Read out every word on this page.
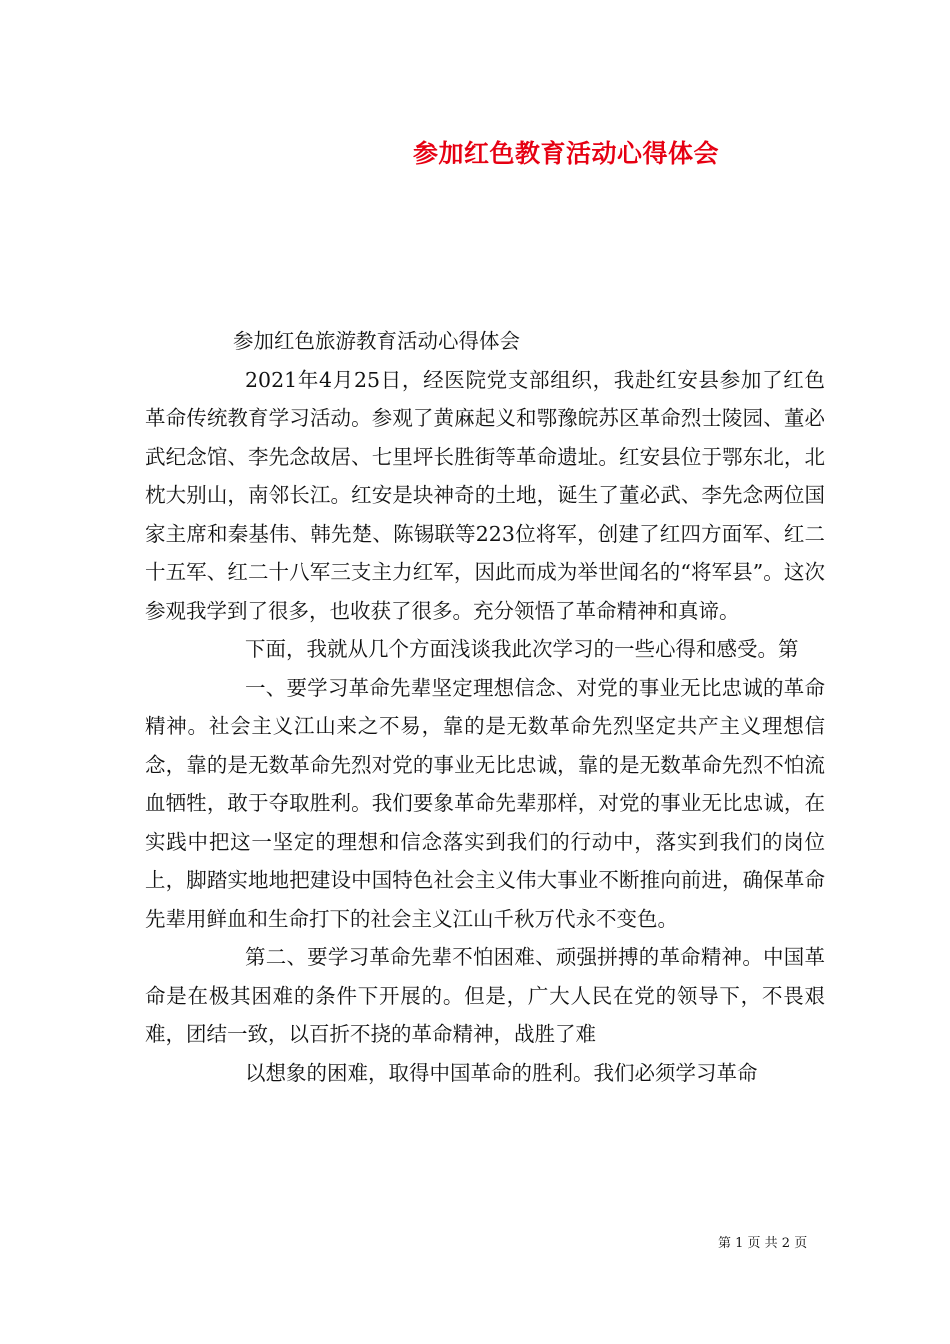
参加红色教育活动心得体会

参加红色旅游教育活动心得体会

2021年4月25日，经医院党支部组织，我赴红安县参加了红色革命传统教育学习活动。参观了黄麻起义和鄂豫皖苏区革命烈士陵园、董必武纪念馆、李先念故居、七里坪长胜街等革命遗址。红安县位于鄂东北，北枕大别山，南邻长江。红安是块神奇的土地，诞生了董必武、李先念两位国家主席和秦基伟、韩先楚、陈锡联等223位将军，创建了红四方面军、红二十五军、红二十八军三支主力红军，因此而成为举世闻名的“将军县”。这次参观我学到了很多，也收获了很多。充分领悟了革命精神和真谛。

下面，我就从几个方面浅谈我此次学习的一些心得和感受。第

一、要学习革命先辈坚定理想信念、对党的事业无比忠诚的革命精神。社会主义江山来之不易，靠的是无数革命先烈坚定共产主义理想信念，靠的是无数革命先烈对党的事业无比忠诚，靠的是无数革命先烈不怕流血牺牲，敢于夺取胜利。我们要象革命先辈那样，对党的事业无比忠诚，在实践中把这一坚定的理想和信念落实到我们的行动中，落实到我们的岗位上，脚踏实地地把建设中国特色社会主义伟大事业不断推向前进，确保革命先辈用鲜血和生命打下的社会主义江山千秋万代永不变色。

第二、要学习革命先辈不怕困难、顽强拼搏的革命精神。中国革命是在极其困难的条件下开展的。但是，广大人民在党的领导下，不畏艰难，团结一致，以百折不挠的革命精神，战胜了难

以想象的困难，取得中国革命的胜利。我们必须学习革命

第 1 页 共 2 页
